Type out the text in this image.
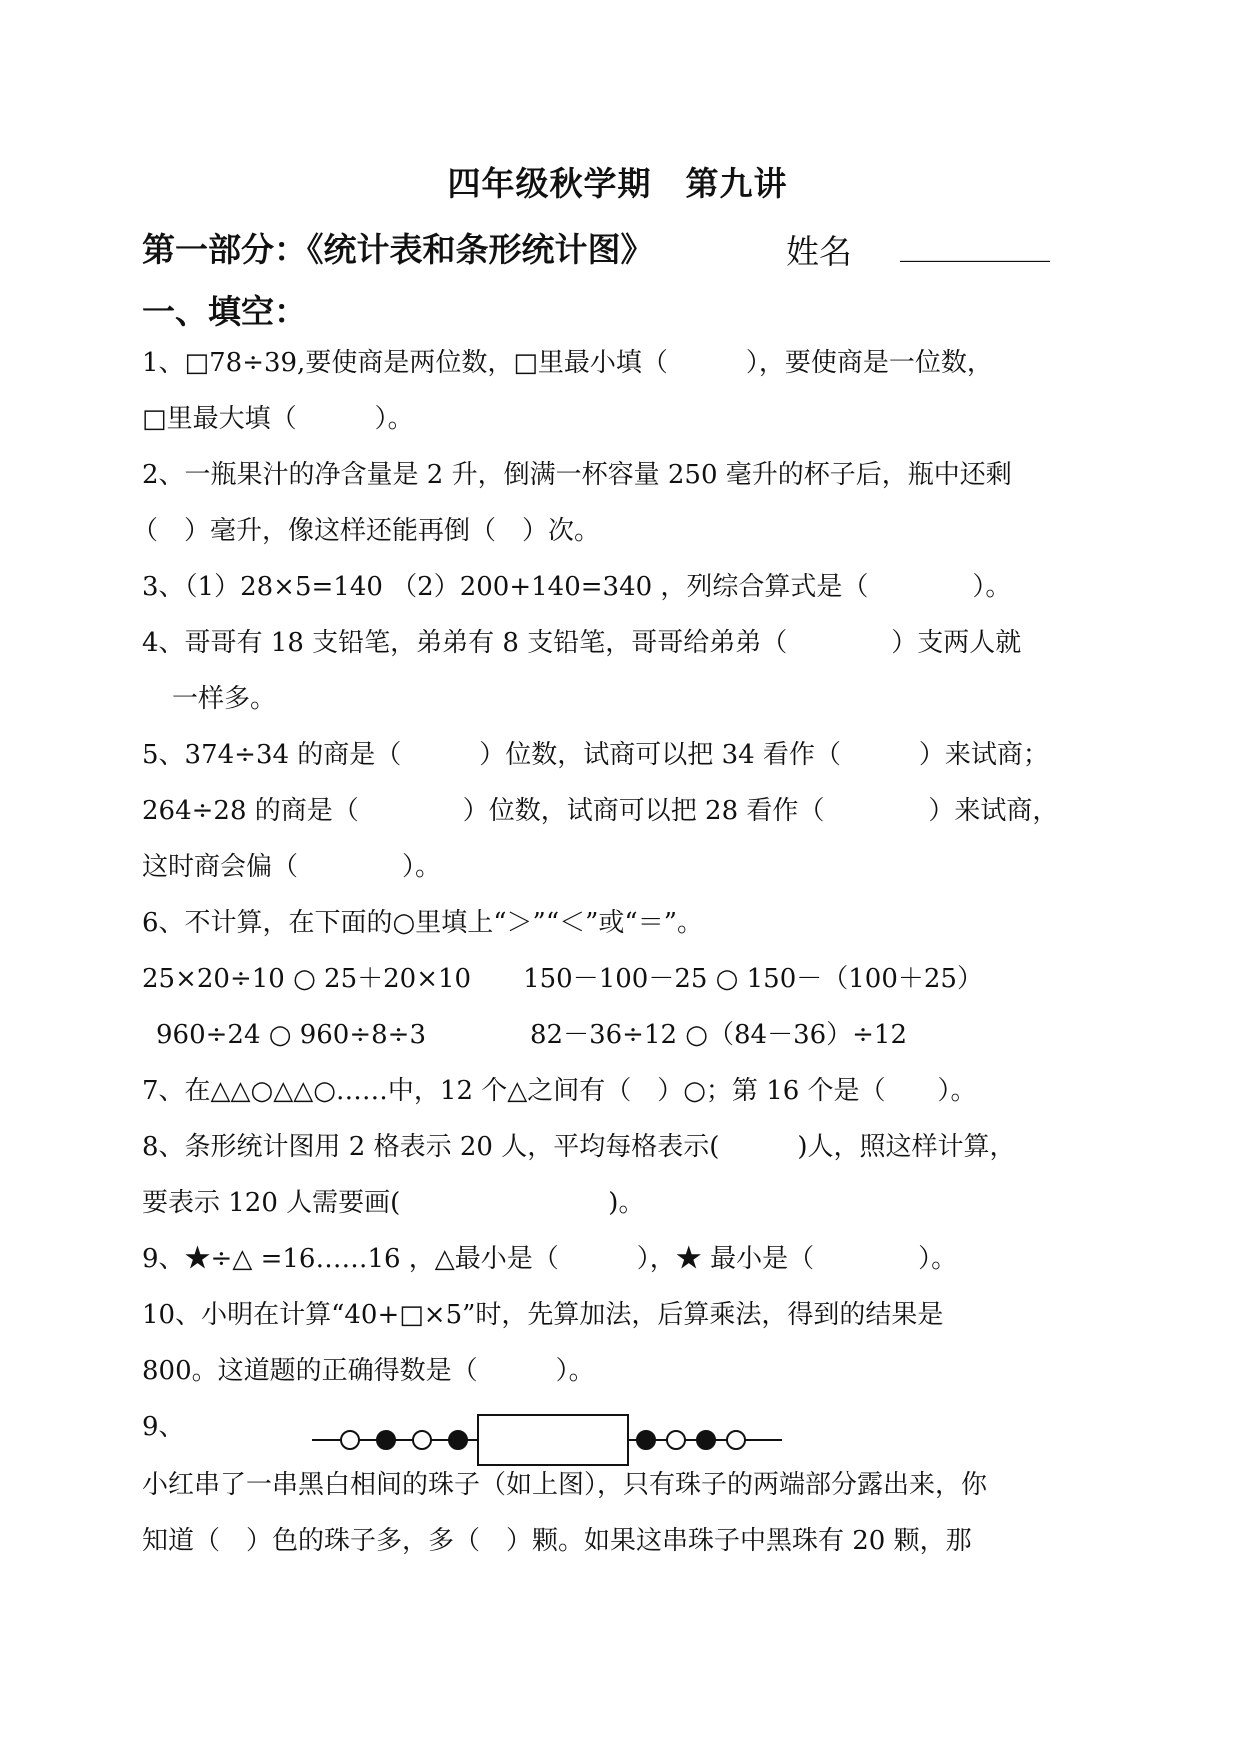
四年级秋学期　第九讲
第一部分：《统计表和条形统计图》	姓名 __________
一、填空：
1、□78÷39,要使商是两位数，□里最小填（　　　），要使商是一位数，
□里最大填（　　　）。
2、一瓶果汁的净含量是 2 升，倒满一杯容量 250 毫升的杯子后，瓶中还剩
（　）毫升，像这样还能再倒（　）次。
3、（1）28×5=140 （2）200+140=340 ，列综合算式是（　　　　）。
4、哥哥有 18 支铅笔，弟弟有 8 支铅笔，哥哥给弟弟（　　　　）支两人就
一样多。
5、374÷34 的商是（　　　）位数，试商可以把 34 看作（　　　）来试商；
264÷28 的商是（　　　　）位数，试商可以把 28 看作（　　　　）来试商，
这时商会偏（　　　　）。
6、不计算，在下面的○里填上“＞”“＜”或“＝”。
25×20÷10 ○ 25＋20×10　　150－100－25 ○ 150－（100＋25）
960÷24 ○ 960÷8÷3　　　　82－36÷12 ○（84－36）÷12
7、在△△○△△○……中，12 个△之间有（　）○；第 16 个是（　　）。
8、条形统计图用 2 格表示 20 人，平均每格表示(　　　)人，照这样计算，
要表示 120 人需要画(　　　　　　　　)。
9、★÷△ =16……16 ，△最小是（　　　），★ 最小是（　　　　）。
10、小明在计算“40+□×5”时，先算加法，后算乘法，得到的结果是
800。这道题的正确得数是（　　　）。
9、
小红串了一串黑白相间的珠子（如上图），只有珠子的两端部分露出来，你
知道（　）色的珠子多，多（　）颗。如果这串珠子中黑珠有 20 颗，那
